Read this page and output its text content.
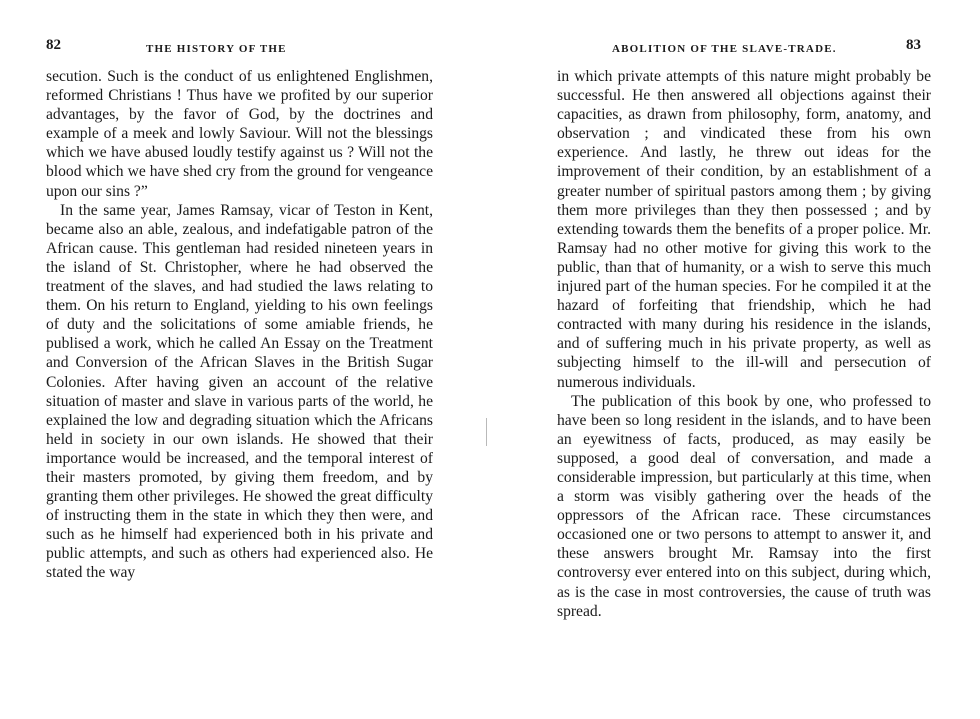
82	THE HISTORY OF THE

secution. Such is the conduct of us enlightened Englishmen, reformed Christians ! Thus have we profited by our superior advantages, by the favor of God, by the doctrines and example of a meek and lowly Saviour. Will not the blessings which we have abused loudly testify against us ? Will not the blood which we have shed cry from the ground for vengeance upon our sins ?”

In the same year, James Ramsay, vicar of Teston in Kent, became also an able, zealous, and indefatigable patron of the African cause. This gentleman had resided nineteen years in the island of St. Christopher, where he had observed the treatment of the slaves, and had studied the laws relating to them. On his return to England, yielding to his own feelings of duty and the solicitations of some amiable friends, he publised a work, which he called An Essay on the Treatment and Conversion of the African Slaves in the British Sugar Colonies. After having given an account of the relative situation of master and slave in various parts of the world, he explained the low and degrading situation which the Africans held in society in our own islands. He showed that their importance would be increased, and the temporal interest of their masters promoted, by giving them freedom, and by granting them other privileges. He showed the great difficulty of instructing them in the state in which they then were, and such as he himself had experienced both in his private and public attempts, and such as others had experienced also. He stated the way

ABOLITION OF THE SLAVE-TRADE.	83

in which private attempts of this nature might probably be successful. He then answered all objections against their capacities, as drawn from philosophy, form, anatomy, and observation ; and vindicated these from his own experience. And lastly, he threw out ideas for the improvement of their condition, by an establishment of a greater number of spiritual pastors among them ; by giving them more privileges than they then possessed ; and by extending towards them the benefits of a proper police. Mr. Ramsay had no other motive for giving this work to the public, than that of humanity, or a wish to serve this much injured part of the human species. For he compiled it at the hazard of forfeiting that friendship, which he had contracted with many during his residence in the islands, and of suffering much in his private property, as well as subjecting himself to the ill-will and persecution of numerous individuals.

The publication of this book by one, who professed to have been so long resident in the islands, and to have been an eyewitness of facts, produced, as may easily be supposed, a good deal of conversation, and made a considerable impression, but particularly at this time, when a storm was visibly gathering over the heads of the oppressors of the African race. These circumstances occasioned one or two persons to attempt to answer it, and these answers brought Mr. Ramsay into the first controversy ever entered into on this subject, during which, as is the case in most controversies, the cause of truth was spread.
